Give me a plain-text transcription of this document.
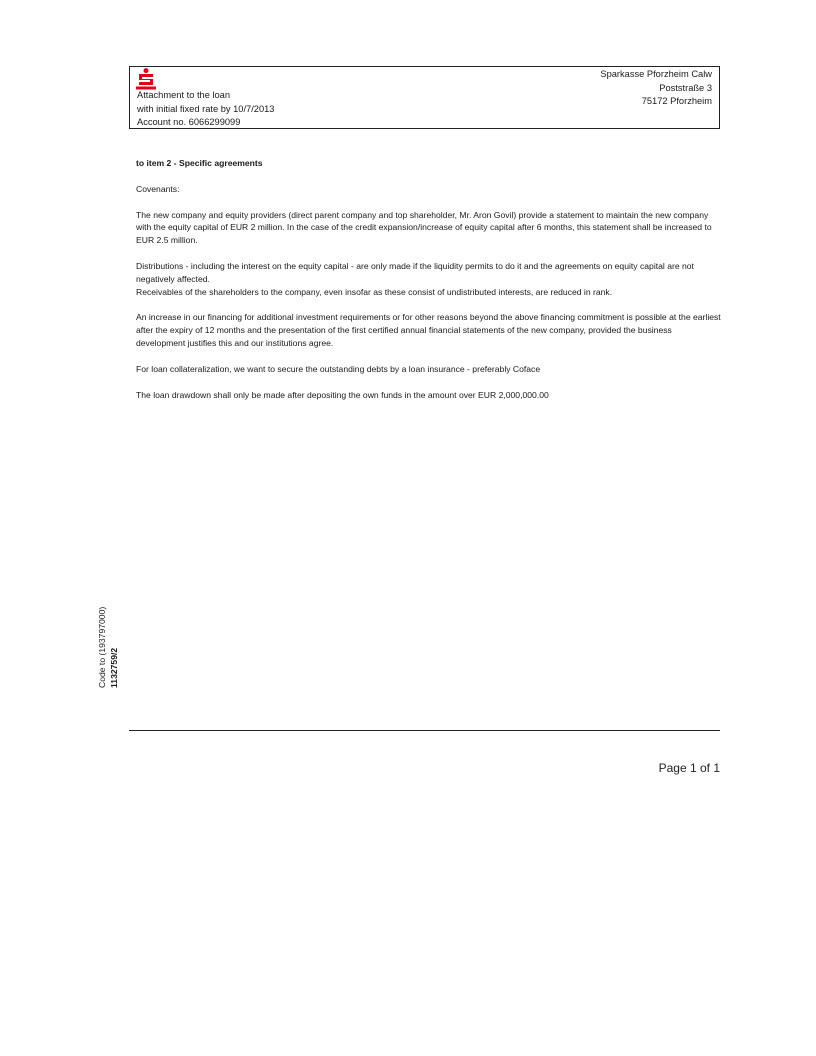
Attachment to the loan
with initial fixed rate by 10/7/2013
Account no. 6066299099
Sparkasse Pforzheim Calw
Poststraße 3
75172 Pforzheim

to item 2 - Specific agreements

Covenants:

The new company and equity providers (direct parent company and top shareholder, Mr. Aron Govil) provide a statement to maintain the new company with the equity capital of EUR 2 million. In the case of the credit expansion/increase of equity capital after 6 months, this statement shall be increased to EUR 2.5 million.

Distributions - including the interest on the equity capital - are only made if the liquidity permits to do it and the agreements on equity capital are not negatively affected.

Receivables of the shareholders to the company, even insofar as these consist of undistributed interests, are reduced in rank.

An increase in our financing for additional investment requirements or for other reasons beyond the above financing commitment is possible at the earliest after the expiry of 12 months and the presentation of the first certified annual financial statements of the new company, provided the business development justifies this and our institutions agree.

For loan collateralization, we want to secure the outstanding debts by a loan insurance - preferably Coface

The loan drawdown shall only be made after depositing the own funds in the amount over EUR 2,000,000.00

Code to (193797000) 1132759/2
Page 1 of 1
